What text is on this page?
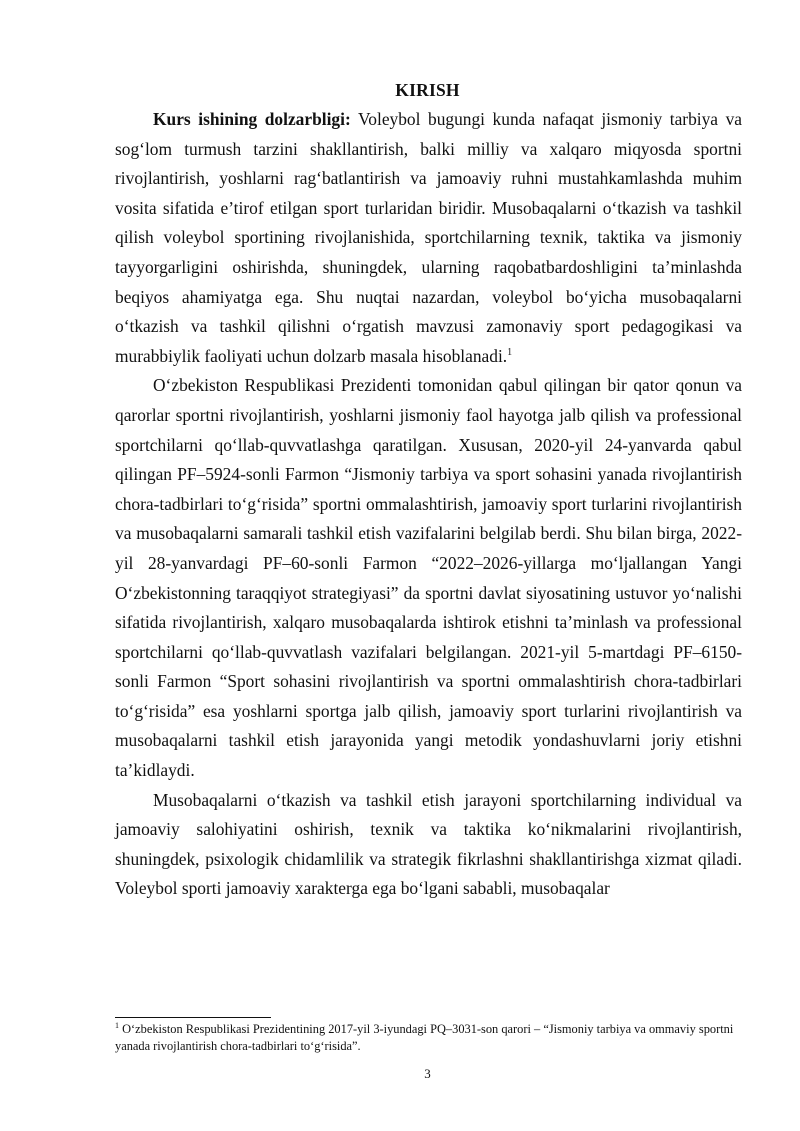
KIRISH

Kurs ishining dolzarbligi: Voleybol bugungi kunda nafaqat jismoniy tarbiya va sog‘lom turmush tarzini shakllantirish, balki milliy va xalqaro miqyosda sportni rivojlantirish, yoshlarni rag‘batlantirish va jamoaviy ruhni mustahkamlashda muhim vosita sifatida e’tirof etilgan sport turlaridan biridir. Musobaqalarni o‘tkazish va tashkil qilish voleybol sportining rivojlanishida, sportchilarning texnik, taktika va jismoniy tayyorgarligini oshirishda, shuningdek, ularning raqobatbardoshligini ta’minlashda beqiyos ahamiyatga ega. Shu nuqtai nazardan, voleybol bo‘yicha musobaqalarni o‘tkazish va tashkil qilishni o‘rgatish mavzusi zamonaviy sport pedagogikasi va murabbiylik faoliyati uchun dolzarb masala hisoblanadi.$^1$

O‘zbekiston Respublikasi Prezidenti tomonidan qabul qilingan bir qator qonun va qarorlar sportni rivojlantirish, yoshlarni jismoniy faol hayotga jalb qilish va professional sportchilarni qo‘llab-quvvatlashga qaratilgan. Xususan, 2020-yil 24-yanvarda qabul qilingan PF–5924-sonli Farmon “Jismoniy tarbiya va sport sohasini yanada rivojlantirish chora-tadbirlari to‘g‘risida” sportni ommalashtirish, jamoaviy sport turlarini rivojlantirish va musobaqalarni samarali tashkil etish vazifalarini belgilab berdi. Shu bilan birga, 2022-yil 28-yanvardagi PF–60-sonli Farmon “2022–2026-yillarga mo‘ljallangan Yangi O‘zbekistonning taraqqiyot strategiyasi” da sportni davlat siyosatining ustuvor yo‘nalishi sifatida rivojlantirish, xalqaro musobaqalarda ishtirok etishni ta’minlash va professional sportchilarni qo‘llab-quvvatlash vazifalari belgilangan. 2021-yil 5-martdagi PF–6150-sonli Farmon “Sport sohasini rivojlantirish va sportni ommalashtirish chora-tadbirlari to‘g‘risida” esa yoshlarni sportga jalb qilish, jamoaviy sport turlarini rivojlantirish va musobaqalarni tashkil etish jarayonida yangi metodik yondashuvlarni joriy etishni ta’kidlaydi.

Musobaqalarni o‘tkazish va tashkil etish jarayoni sportchilarning individual va jamoaviy salohiyatini oshirish, texnik va taktika ko‘nikmalarini rivojlantirish, shuningdek, psixologik chidamlilik va strategik fikrlashni shakllantirishga xizmat qiladi. Voleybol sporti jamoaviy xarakterga ega bo‘lgani sababli, musobaqalar

$^1$ O‘zbekiston Respublikasi Prezidentining 2017-yil 3-iyundagi PQ–3031-son qarori – “Jismoniy tarbiya va ommaviy sportni yanada rivojlantirish chora-tadbirlari to‘g‘risida”.
3
